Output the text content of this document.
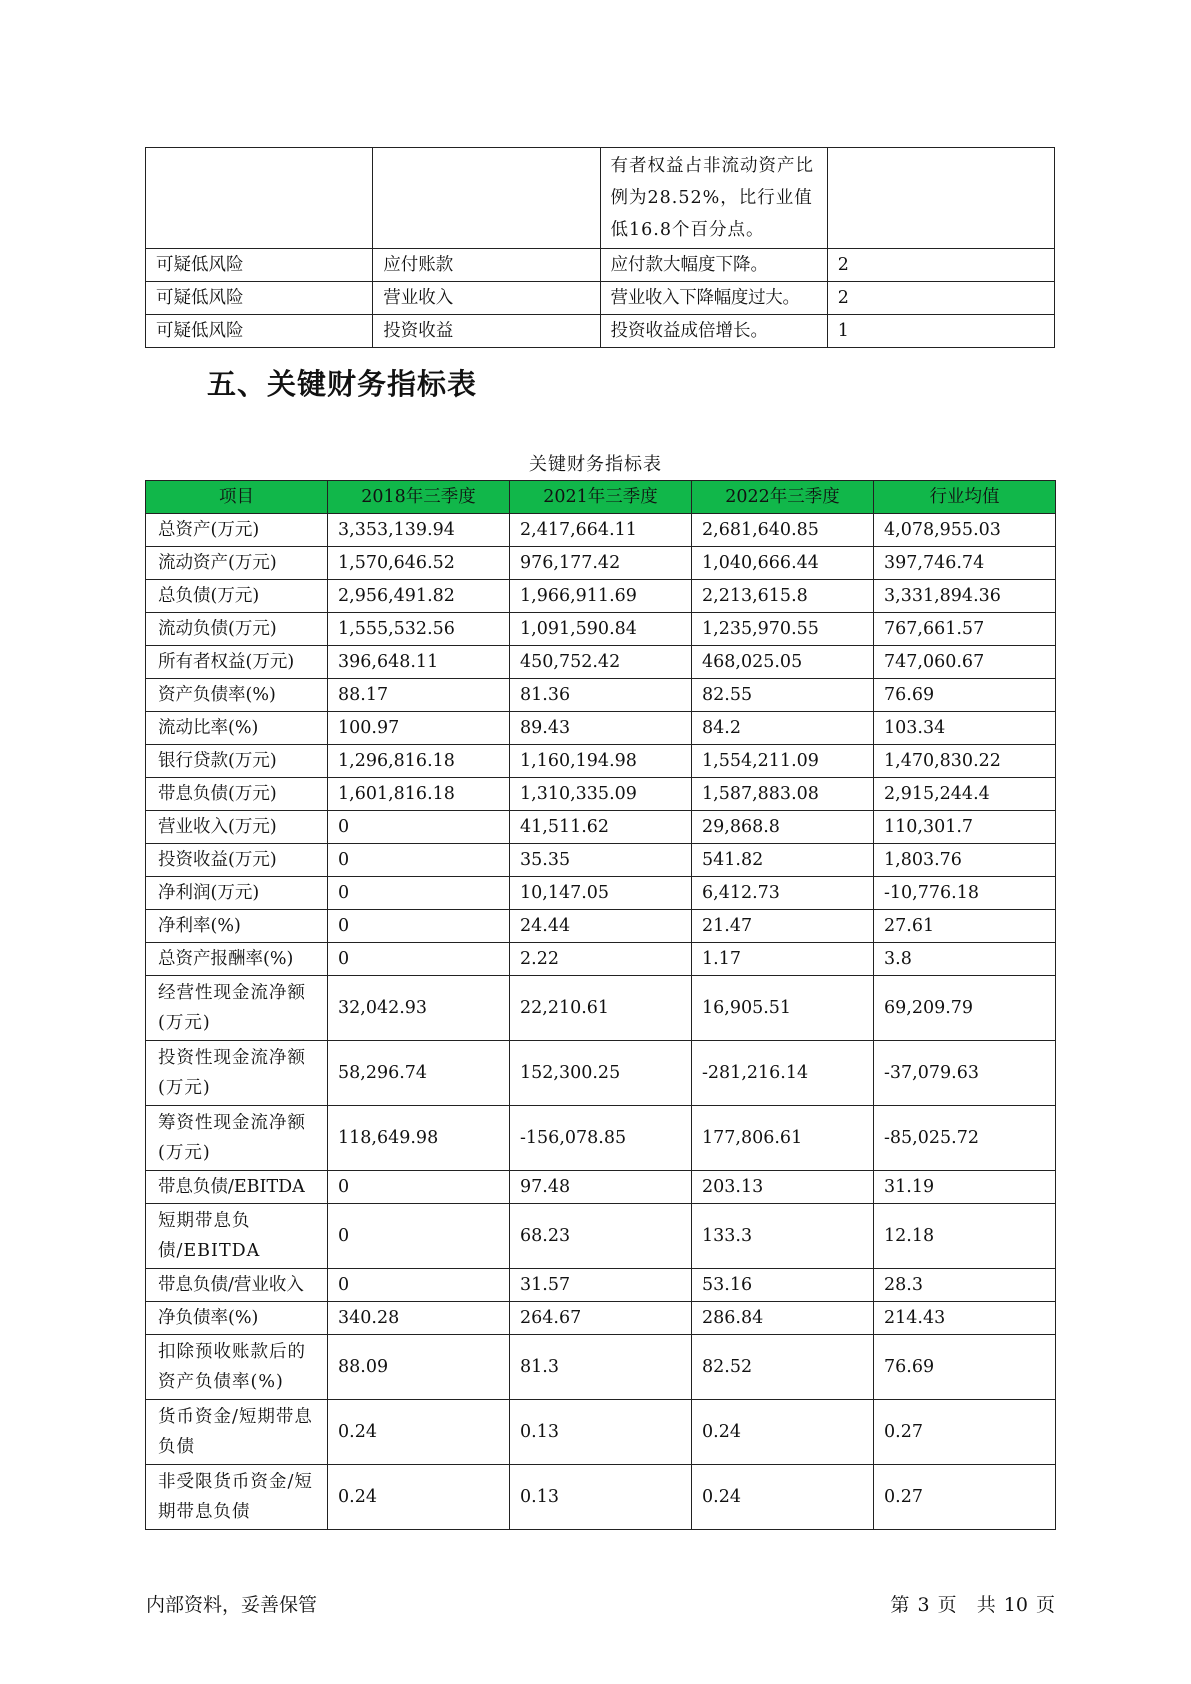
		有者权益占非流动资产比例为28.52%，比行业值低16.8个百分点。	
可疑低风险	应付账款	应付款大幅度下降。	2
可疑低风险	营业收入	营业收入下降幅度过大。	2
可疑低风险	投资收益	投资收益成倍增长。	1
五、关键财务指标表
关键财务指标表
项目	2018年三季度	2021年三季度	2022年三季度	行业均值
总资产(万元)	3,353,139.94	2,417,664.11	2,681,640.85	4,078,955.03
流动资产(万元)	1,570,646.52	976,177.42	1,040,666.44	397,746.74
总负债(万元)	2,956,491.82	1,966,911.69	2,213,615.8	3,331,894.36
流动负债(万元)	1,555,532.56	1,091,590.84	1,235,970.55	767,661.57
所有者权益(万元)	396,648.11	450,752.42	468,025.05	747,060.67
资产负债率(%)	88.17	81.36	82.55	76.69
流动比率(%)	100.97	89.43	84.2	103.34
银行贷款(万元)	1,296,816.18	1,160,194.98	1,554,211.09	1,470,830.22
带息负债(万元)	1,601,816.18	1,310,335.09	1,587,883.08	2,915,244.4
营业收入(万元)	0	41,511.62	29,868.8	110,301.7
投资收益(万元)	0	35.35	541.82	1,803.76
净利润(万元)	0	10,147.05	6,412.73	-10,776.18
净利率(%)	0	24.44	21.47	27.61
总资产报酬率(%)	0	2.22	1.17	3.8
经营性现金流净额(万元)	32,042.93	22,210.61	16,905.51	69,209.79
投资性现金流净额(万元)	58,296.74	152,300.25	-281,216.14	-37,079.63
筹资性现金流净额(万元)	118,649.98	-156,078.85	177,806.61	-85,025.72
带息负债/EBITDA	0	97.48	203.13	31.19
短期带息负债/EBITDA	0	68.23	133.3	12.18
带息负债/营业收入	0	31.57	53.16	28.3
净负债率(%)	340.28	264.67	286.84	214.43
扣除预收账款后的资产负债率(%)	88.09	81.3	82.52	76.69
货币资金/短期带息负债	0.24	0.13	0.24	0.27
非受限货币资金/短期带息负债	0.24	0.13	0.24	0.27
内部资料，妥善保管	第 3 页 共 10 页
